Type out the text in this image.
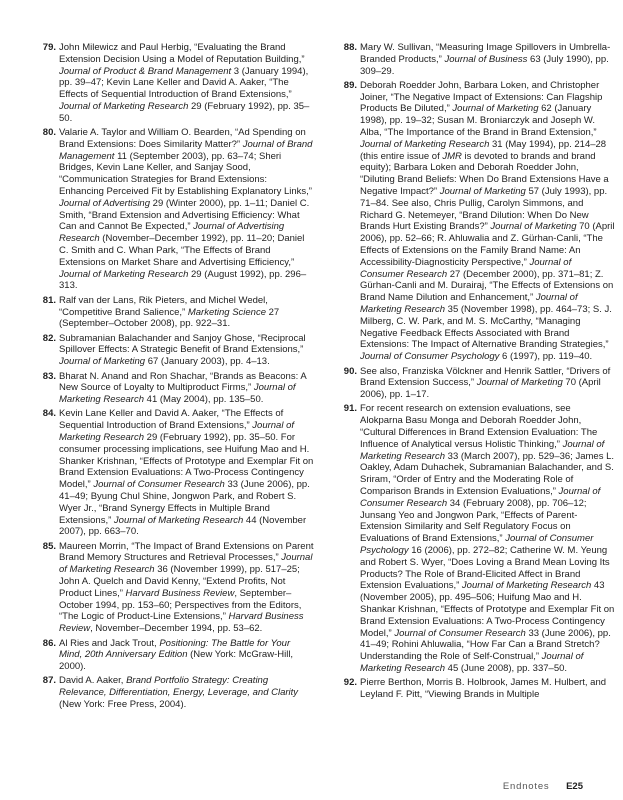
79. John Milewicz and Paul Herbig, “Evaluating the Brand Extension Decision Using a Model of Reputation Building,” Journal of Product & Brand Management 3 (January 1994), pp. 39–47; Kevin Lane Keller and David A. Aaker, “The Effects of Sequential Introduction of Brand Extensions,” Journal of Marketing Research 29 (February 1992), pp. 35–50.
80. Valarie A. Taylor and William O. Bearden, “Ad Spending on Brand Extensions: Does Similarity Matter?” Journal of Brand Management 11 (September 2003), pp. 63–74; Sheri Bridges, Kevin Lane Keller, and Sanjay Sood, “Communication Strategies for Brand Extensions: Enhancing Perceived Fit by Establishing Explanatory Links,” Journal of Advertising 29 (Winter 2000), pp. 1–11; Daniel C. Smith, “Brand Extension and Advertising Efficiency: What Can and Cannot Be Expected,” Journal of Advertising Research (November–December 1992), pp. 11–20; Daniel C. Smith and C. Whan Park, “The Effects of Brand Extensions on Market Share and Advertising Efficiency,” Journal of Marketing Research 29 (August 1992), pp. 296–313.
81. Ralf van der Lans, Rik Pieters, and Michel Wedel, “Competitive Brand Salience,” Marketing Science 27 (September–October 2008), pp. 922–31.
82. Subramanian Balachander and Sanjoy Ghose, “Reciprocal Spillover Effects: A Strategic Benefit of Brand Extensions,” Journal of Marketing 67 (January 2003), pp. 4–13.
83. Bharat N. Anand and Ron Shachar, “Brands as Beacons: A New Source of Loyalty to Multiproduct Firms,” Journal of Marketing Research 41 (May 2004), pp. 135–50.
84. Kevin Lane Keller and David A. Aaker, “The Effects of Sequential Introduction of Brand Extensions,” Journal of Marketing Research 29 (February 1992), pp. 35–50. For consumer processing implications, see Huifung Mao and H. Shanker Krishnan, “Effects of Prototype and Exemplar Fit on Brand Extension Evaluations: A Two-Process Contingency Model,” Journal of Consumer Research 33 (June 2006), pp. 41–49; Byung Chul Shine, Jongwon Park, and Robert S. Wyer Jr., “Brand Synergy Effects in Multiple Brand Extensions,” Journal of Marketing Research 44 (November 2007), pp. 663–70.
85. Maureen Morrin, “The Impact of Brand Extensions on Parent Brand Memory Structures and Retrieval Processes,” Journal of Marketing Research 36 (November 1999), pp. 517–25; John A. Quelch and David Kenny, “Extend Profits, Not Product Lines,” Harvard Business Review, September–October 1994, pp. 153–60; Perspectives from the Editors, “The Logic of Product-Line Extensions,” Harvard Business Review, November–December 1994, pp. 53–62.
86. Al Ries and Jack Trout, Positioning: The Battle for Your Mind, 20th Anniversary Edition (New York: McGraw-Hill, 2000).
87. David A. Aaker, Brand Portfolio Strategy: Creating Relevance, Differentiation, Energy, Leverage, and Clarity (New York: Free Press, 2004).
88. Mary W. Sullivan, “Measuring Image Spillovers in Umbrella-Branded Products,” Journal of Business 63 (July 1990), pp. 309–29.
89. Deborah Roedder John, Barbara Loken, and Christopher Joiner, “The Negative Impact of Extensions: Can Flagship Products Be Diluted,” Journal of Marketing 62 (January 1998), pp. 19–32; Susan M. Broniarczyk and Joseph W. Alba, “The Importance of the Brand in Brand Extension,” Journal of Marketing Research 31 (May 1994), pp. 214–28 (this entire issue of JMR is devoted to brands and brand equity); Barbara Loken and Deborah Roedder John, “Diluting Brand Beliefs: When Do Brand Extensions Have a Negative Impact?” Journal of Marketing 57 (July 1993), pp. 71–84. See also, Chris Pullig, Carolyn Simmons, and Richard G. Netemeyer, “Brand Dilution: When Do New Brands Hurt Existing Brands?” Journal of Marketing 70 (April 2006), pp. 52–66; R. Ahluwalia and Z. Gürhan-Canli, “The Effects of Extensions on the Family Brand Name: An Accessibility-Diagnosticity Perspective,” Journal of Consumer Research 27 (December 2000), pp. 371–81; Z. Gürhan-Canli and M. Durairaj, “The Effects of Extensions on Brand Name Dilution and Enhancement,” Journal of Marketing Research 35 (November 1998), pp. 464–73; S. J. Milberg, C. W. Park, and M. S. McCarthy, “Managing Negative Feedback Effects Associated with Brand Extensions: The Impact of Alternative Branding Strategies,” Journal of Consumer Psychology 6 (1997), pp. 119–40.
90. See also, Franziska Völckner and Henrik Sattler, “Drivers of Brand Extension Success,” Journal of Marketing 70 (April 2006), pp. 1–17.
91. For recent research on extension evaluations, see Alokparna Basu Monga and Deborah Roedder John, “Cultural Differences in Brand Extension Evaluation: The Influence of Analytical versus Holistic Thinking,” Journal of Marketing Research 33 (March 2007), pp. 529–36; James L. Oakley, Adam Duhachek, Subramanian Balachander, and S. Sriram, “Order of Entry and the Moderating Role of Comparison Brands in Extension Evaluations,” Journal of Consumer Research 34 (February 2008), pp. 706–12; Junsang Yeo and Jongwon Park, “Effects of Parent-Extension Similarity and Self Regulatory Focus on Evaluations of Brand Extensions,” Journal of Consumer Psychology 16 (2006), pp. 272–82; Catherine W. M. Yeung and Robert S. Wyer, “Does Loving a Brand Mean Loving Its Products? The Role of Brand-Elicited Affect in Brand Extension Evaluations,” Journal of Marketing Research 43 (November 2005), pp. 495–506; Huifung Mao and H. Shankar Krishnan, “Effects of Prototype and Exemplar Fit on Brand Extension Evaluations: A Two-Process Contingency Model,” Journal of Consumer Research 33 (June 2006), pp. 41–49; Rohini Ahluwalia, “How Far Can a Brand Stretch? Understanding the Role of Self-Construal,” Journal of Marketing Research 45 (June 2008), pp. 337–50.
92. Pierre Berthon, Morris B. Holbrook, James M. Hulbert, and Leyland F. Pitt, “Viewing Brands in Multiple
Endnotes E25
